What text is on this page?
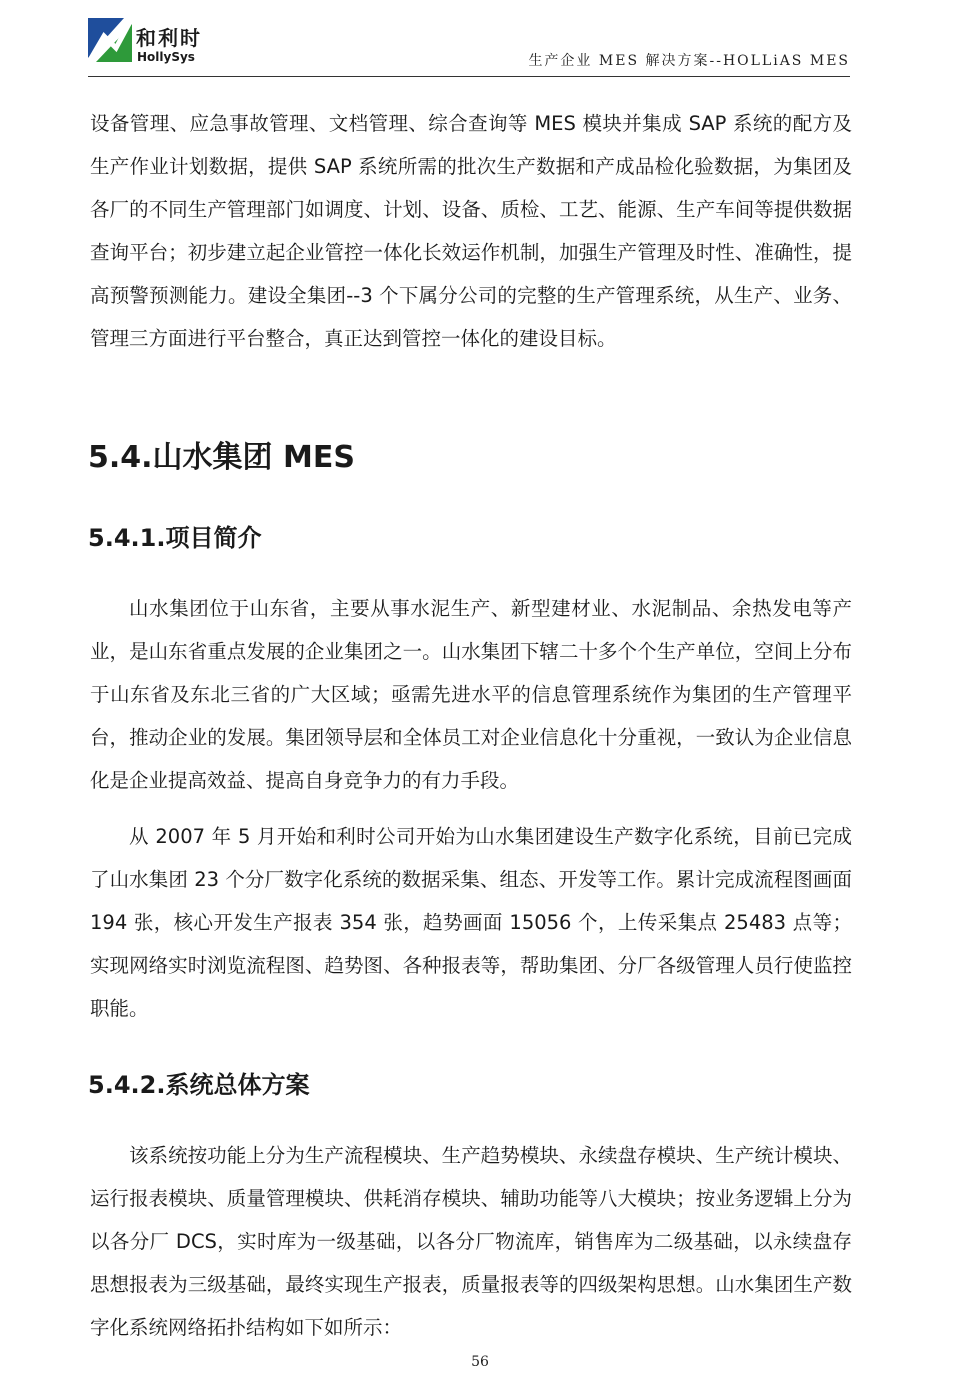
和利时
HollySys	生产企业 MES 解决方案--HOLLiAS MES

设备管理、应急事故管理、文档管理、综合查询等 MES 模块并集成 SAP 系统的配方及生产作业计划数据，提供 SAP 系统所需的批次生产数据和产成品检化验数据，为集团及各厂的不同生产管理部门如调度、计划、设备、质检、工艺、能源、生产车间等提供数据查询平台；初步建立起企业管控一体化长效运作机制，加强生产管理及时性、准确性，提高预警预测能力。建设全集团--3 个下属分公司的完整的生产管理系统，从生产、业务、管理三方面进行平台整合，真正达到管控一体化的建设目标。

5.4.山水集团 MES
5.4.1.项目简介

山水集团位于山东省，主要从事水泥生产、新型建材业、水泥制品、余热发电等产业，是山东省重点发展的企业集团之一。山水集团下辖二十多个个生产单位，空间上分布于山东省及东北三省的广大区域；亟需先进水平的信息管理系统作为集团的生产管理平台，推动企业的发展。集团领导层和全体员工对企业信息化十分重视，一致认为企业信息化是企业提高效益、提高自身竞争力的有力手段。

从 2007 年 5 月开始和利时公司开始为山水集团建设生产数字化系统，目前已完成了山水集团 23 个分厂数字化系统的数据采集、组态、开发等工作。累计完成流程图画面 194 张，核心开发生产报表 354 张，趋势画面 15056 个，上传采集点 25483 点等；实现网络实时浏览流程图、趋势图、各种报表等，帮助集团、分厂各级管理人员行使监控职能。

5.4.2.系统总体方案

该系统按功能上分为生产流程模块、生产趋势模块、永续盘存模块、生产统计模块、运行报表模块、质量管理模块、供耗消存模块、辅助功能等八大模块；按业务逻辑上分为以各分厂 DCS，实时库为一级基础，以各分厂物流库，销售库为二级基础，以永续盘存思想报表为三级基础，最终实现生产报表，质量报表等的四级架构思想。山水集团生产数字化系统网络拓扑结构如下如所示：

56
